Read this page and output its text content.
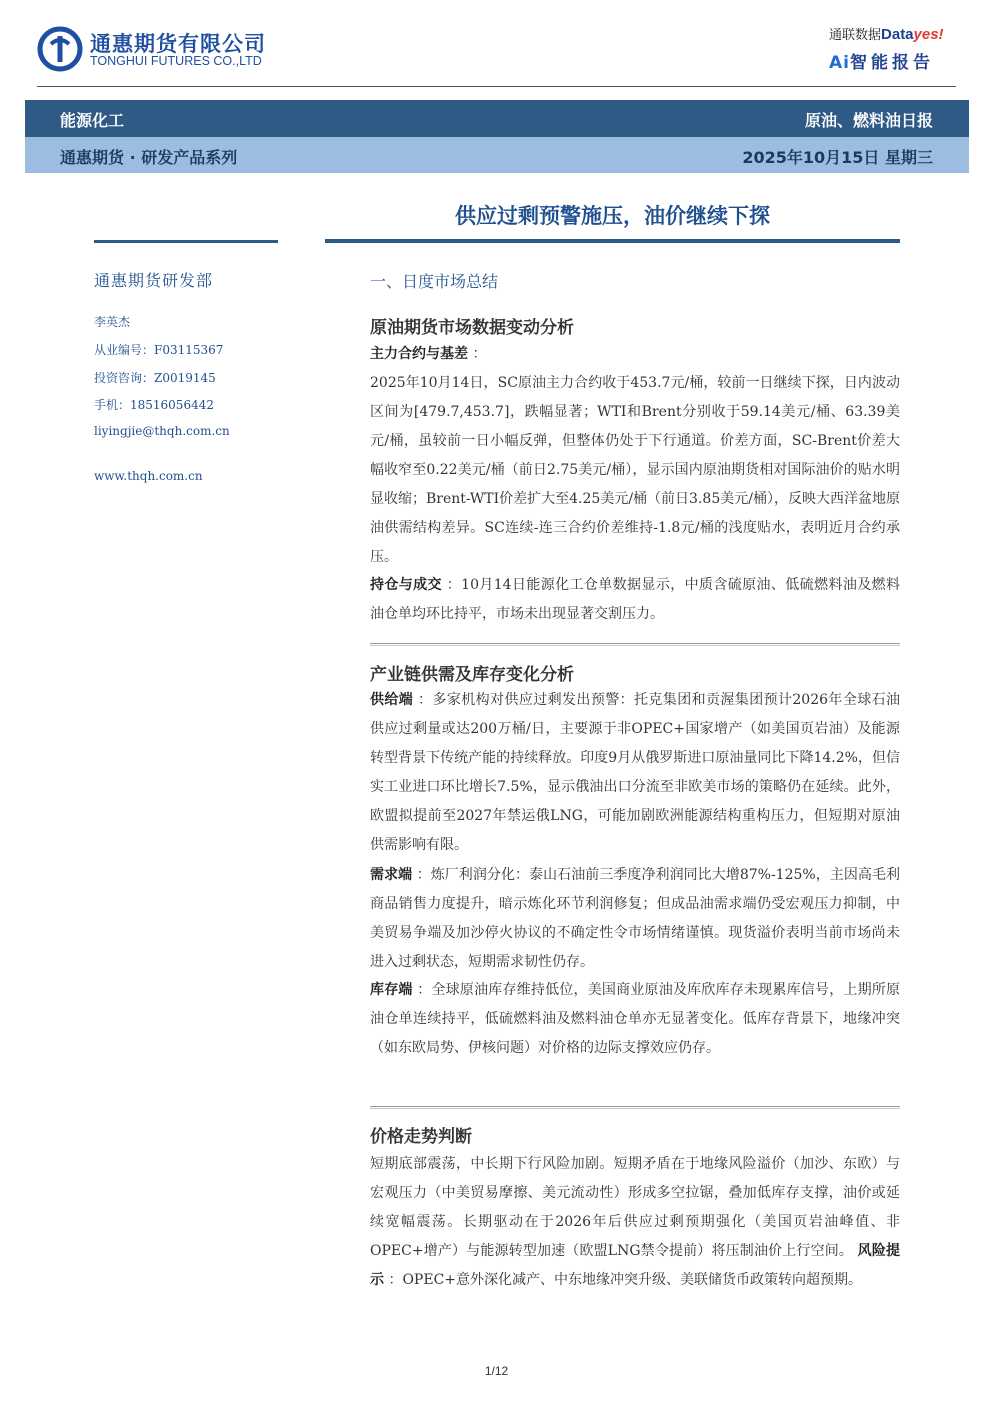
通惠期货有限公司
TONGHUI FUTURES CO.,LTD
通联数据Datayes!
Ai智能报告
能源化工	原油、燃料油日报
通惠期货 · 研发产品系列	2025年10月15日 星期三
供应过剩预警施压，油价继续下探
通惠期货研发部
李英杰
从业编号：F03115367
投资咨询：Z0019145
手机：18516056442
liyingjie@thqh.com.cn
www.thqh.com.cn
一、日度市场总结
原油期货市场数据变动分析
主力合约与基差 ：
2025年10月14日，SC原油主力合约收于453.7元/桶，较前一日继续下探，日内波动区间为[479.7,453.7]，跌幅显著；WTI和Brent分别收于59.14美元/桶、63.39美元/桶，虽较前一日小幅反弹，但整体仍处于下行通道。价差方面，SC-Brent价差大幅收窄至0.22美元/桶（前日2.75美元/桶），显示国内原油期货相对国际油价的贴水明显收缩；Brent-WTI价差扩大至4.25美元/桶（前日3.85美元/桶），反映大西洋盆地原油供需结构差异。SC连续-连三合约价差维持-1.8元/桶的浅度贴水，表明近月合约承压。
持仓与成交 ：10月14日能源化工仓单数据显示，中质含硫原油、低硫燃料油及燃料油仓单均环比持平，市场未出现显著交割压力。
产业链供需及库存变化分析
供给端 ：多家机构对供应过剩发出预警：托克集团和贡渥集团预计2026年全球石油供应过剩量或达200万桶/日，主要源于非OPEC+国家增产（如美国页岩油）及能源转型背景下传统产能的持续释放。印度9月从俄罗斯进口原油量同比下降14.2%，但信实工业进口环比增长7.5%，显示俄油出口分流至非欧美市场的策略仍在延续。此外，欧盟拟提前至2027年禁运俄LNG，可能加剧欧洲能源结构重构压力，但短期对原油供需影响有限。
需求端 ：炼厂利润分化：泰山石油前三季度净利润同比大增87%-125%，主因高毛利商品销售力度提升，暗示炼化环节利润修复；但成品油需求端仍受宏观压力抑制，中美贸易争端及加沙停火协议的不确定性令市场情绪谨慎。现货溢价表明当前市场尚未进入过剩状态，短期需求韧性仍存。
库存端 ：全球原油库存维持低位，美国商业原油及库欣库存未现累库信号，上期所原油仓单连续持平，低硫燃料油及燃料油仓单亦无显著变化。低库存背景下，地缘冲突（如东欧局势、伊核问题）对价格的边际支撑效应仍存。
价格走势判断
短期底部震荡，中长期下行风险加剧。短期矛盾在于地缘风险溢价（加沙、东欧）与宏观压力（中美贸易摩擦、美元流动性）形成多空拉锯，叠加低库存支撑，油价或延续宽幅震荡。长期驱动在于2026年后供应过剩预期强化（美国页岩油峰值、非OPEC+增产）与能源转型加速（欧盟LNG禁令提前）将压制油价上行空间。 风险提示 ：OPEC+意外深化减产、中东地缘冲突升级、美联储货币政策转向超预期。
1/12
